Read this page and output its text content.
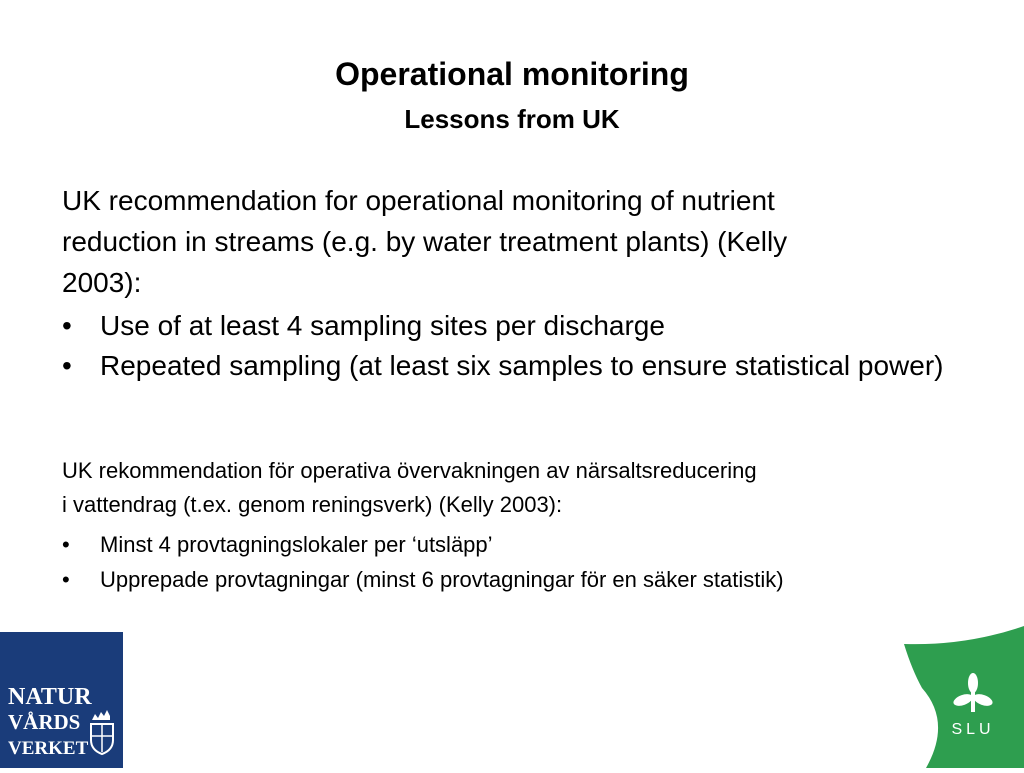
Operational monitoring
Lessons from UK

UK recommendation for operational monitoring of nutrient
reduction in streams (e.g. by water treatment plants) (Kelly
2003):

• Use of at least 4 sampling sites per discharge
• Repeated sampling (at least six samples to ensure statistical power)

UK rekommendation för operativa övervakningen av närsaltsreducering
i vattendrag (t.ex. genom reningsverk) (Kelly 2003):

• Minst 4 provtagningslokaler per ‘utsläpp’
• Upprepade provtagningar (minst 6 provtagningar för en säker statistik)
NATUR
VÅRDS
VERKET
SLU
